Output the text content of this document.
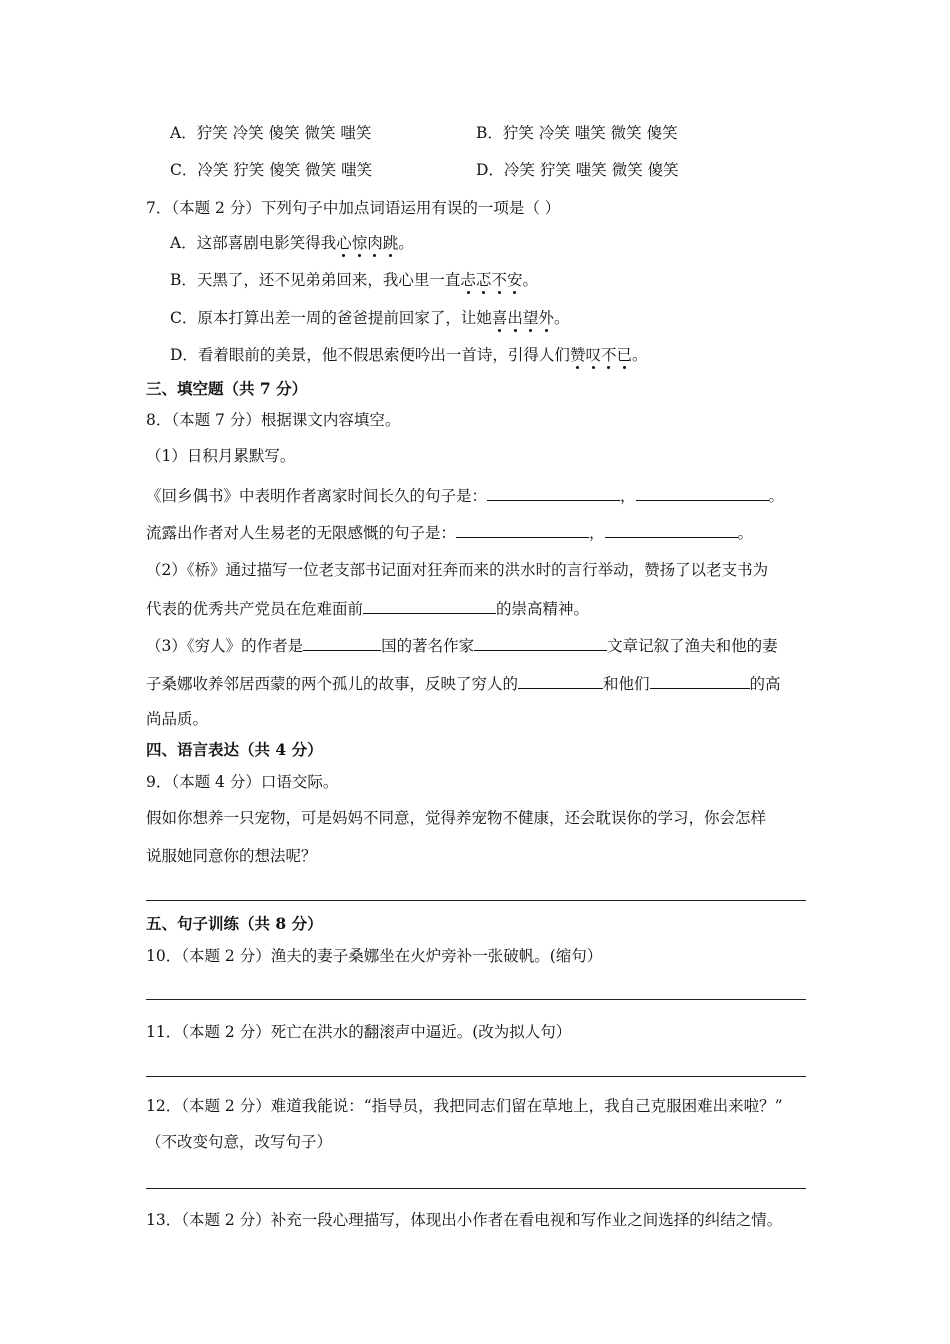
A．狞笑 冷笑 傻笑 微笑 嗤笑	B．狞笑 冷笑 嗤笑 微笑 傻笑
C．冷笑 狞笑 傻笑 微笑 嗤笑	D．冷笑 狞笑 嗤笑 微笑 傻笑
7．（本题 2 分）下列句子中加点词语运用有误的一项是（ ）
A．这部喜剧电影笑得我心惊肉跳。
B．天黑了，还不见弟弟回来，我心里一直忐忑不安。
C．原本打算出差一周的爸爸提前回家了，让她喜出望外。
D．看着眼前的美景，他不假思索便吟出一首诗，引得人们赞叹不已。
三、填空题（共 7 分）
8．（本题 7 分）根据课文内容填空。
（1）日积月累默写。
《回乡偶书》中表明作者离家时间长久的句子是：	，	。
流露出作者对人生易老的无限感慨的句子是：	，	。
（2）《桥》通过描写一位老支部书记面对狂奔而来的洪水时的言行举动，赞扬了以老支书为
代表的优秀共产党员在危难面前	的崇高精神。
（3）《穷人》的作者是	国的著名作家	文章记叙了渔夫和他的妻
子桑娜收养邻居西蒙的两个孤儿的故事，反映了穷人的	和他们	的高
尚品质。
四、语言表达（共 4 分）
9．（本题 4 分）口语交际。
假如你想养一只宠物，可是妈妈不同意，觉得养宠物不健康，还会耽误你的学习，你会怎样
说服她同意你的想法呢？
五、句子训练（共 8 分）
10．（本题 2 分）渔夫的妻子桑娜坐在火炉旁补一张破帆。(缩句）
11．（本题 2 分）死亡在洪水的翻滚声中逼近。(改为拟人句）
12．（本题 2 分）难道我能说：“指导员，我把同志们留在草地上，我自己克服困难出来啦？”
（不改变句意，改写句子）
13．（本题 2 分）补充一段心理描写，体现出小作者在看电视和写作业之间选择的纠结之情。
